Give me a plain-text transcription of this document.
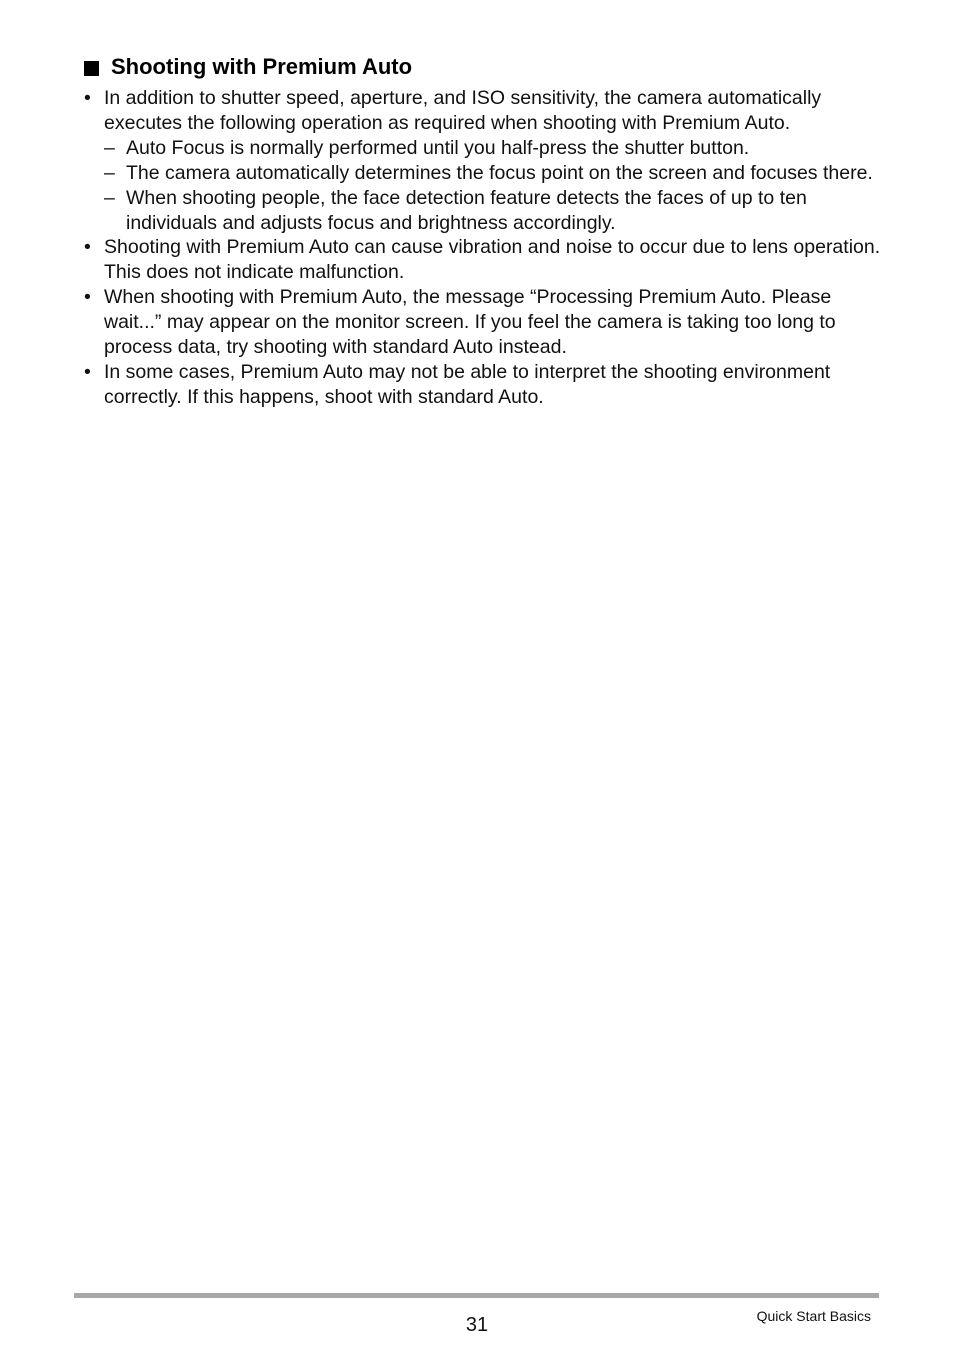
Shooting with Premium Auto
• In addition to shutter speed, aperture, and ISO sensitivity, the camera automatically executes the following operation as required when shooting with Premium Auto.
– Auto Focus is normally performed until you half-press the shutter button.
– The camera automatically determines the focus point on the screen and focuses there.
– When shooting people, the face detection feature detects the faces of up to ten individuals and adjusts focus and brightness accordingly.
• Shooting with Premium Auto can cause vibration and noise to occur due to lens operation. This does not indicate malfunction.
• When shooting with Premium Auto, the message “Processing Premium Auto. Please wait...” may appear on the monitor screen. If you feel the camera is taking too long to process data, try shooting with standard Auto instead.
• In some cases, Premium Auto may not be able to interpret the shooting environment correctly. If this happens, shoot with standard Auto.
31	Quick Start Basics
